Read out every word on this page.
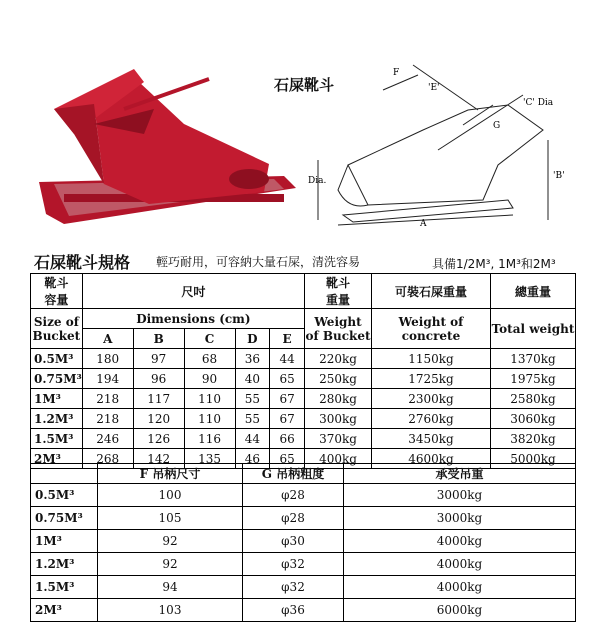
石屎靴斗
F
'E'
'C' Dia
G
Dia.	'B'
A
石屎靴斗規格 輕巧耐用，可容納大量石屎，清洗容易	具備1/2M³, 1M³和2M³
靴斗
容量	尺吋					靴斗
重量	可裝石屎重量	總重量
Size of
Bucket	Dimensions (cm)					Weight
of Bucket	Weight of concrete	Total weight
	A	B	C	D	E			
0.5M³	180	97	68	36	44	220kg	1150kg	1370kg
0.75M³	194	96	90	40	65	250kg	1725kg	1975kg
1M³	218	117	110	55	67	280kg	2300kg	2580kg
1.2M³	218	120	110	55	67	300kg	2760kg	3060kg
1.5M³	246	126	116	44	66	370kg	3450kg	3820kg
2M³	268	142	135	46	65	400kg	4600kg	5000kg
	F 吊柄尺寸	G 吊柄粗度	承受吊重
0.5M³	100	φ28	3000kg
0.75M³	105	φ28	3000kg
1M³	92	φ30	4000kg
1.2M³	92	φ32	4000kg
1.5M³	94	φ32	4000kg
2M³	103	φ36	6000kg
